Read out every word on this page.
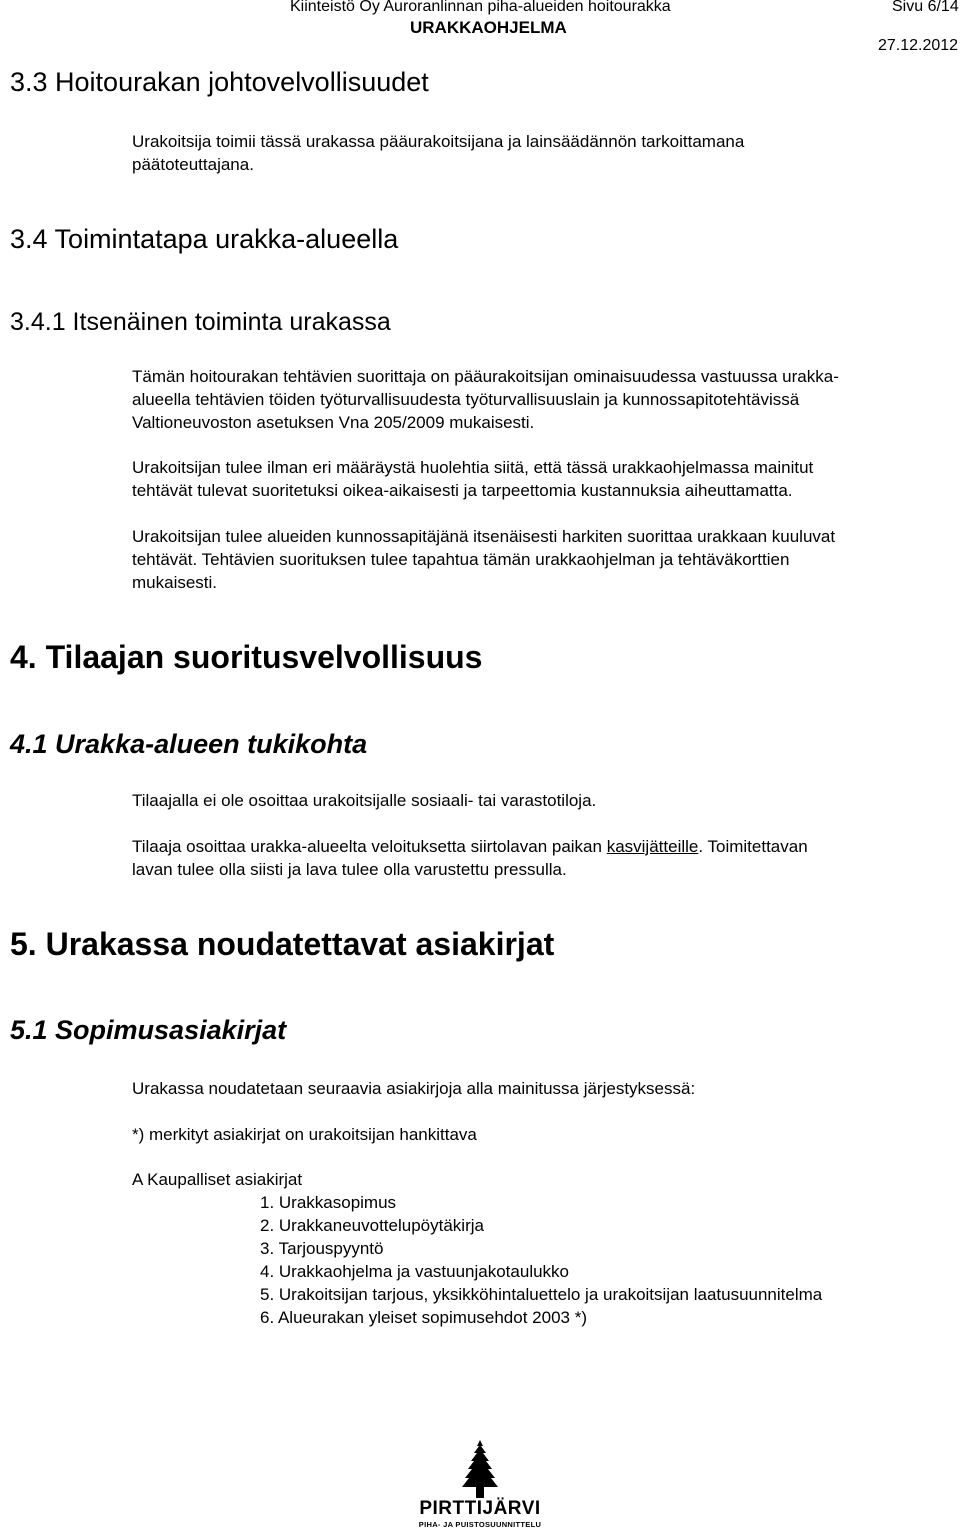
Kiinteistö Oy Auroranlinnan piha-alueiden hoitourakka	Sivu 6/14
URAKKAOHJELMA
27.12.2012
3.3 Hoitourakan johtovelvollisuudet
Urakoitsija toimii tässä urakassa pääurakoitsijana ja lainsäädännön tarkoittamana
päätoteuttajana.
3.4 Toimintatapa urakka-alueella
3.4.1 Itsenäinen toiminta urakassa
Tämän hoitourakan tehtävien suorittaja on pääurakoitsijan ominaisuudessa vastuussa urakka-
alueella tehtävien töiden työturvallisuudesta työturvallisuuslain ja kunnossapitotehtävissä
Valtioneuvoston asetuksen Vna 205/2009 mukaisesti.
Urakoitsijan tulee ilman eri määräystä huolehtia siitä, että tässä urakkaohjelmassa mainitut
tehtävät tulevat suoritetuksi oikea-aikaisesti ja tarpeettomia kustannuksia aiheuttamatta.
Urakoitsijan tulee alueiden kunnossapitäjänä itsenäisesti harkiten suorittaa urakkaan kuuluvat
tehtävät. Tehtävien suorituksen tulee tapahtua tämän urakkaohjelman ja tehtäväkorttien
mukaisesti.
4. Tilaajan suoritusvelvollisuus
4.1 Urakka-alueen tukikohta
Tilaajalla ei ole osoittaa urakoitsijalle sosiaali- tai varastotiloja.
Tilaaja osoittaa urakka-alueelta veloituksetta siirtolavan paikan kasvijätteille. Toimitettavan
lavan tulee olla siisti ja lava tulee olla varustettu pressulla.
5. Urakassa noudatettavat asiakirjat
5.1 Sopimusasiakirjat
Urakassa noudatetaan seuraavia asiakirjoja alla mainitussa järjestyksessä:
*) merkityt asiakirjat on urakoitsijan hankittava
A Kaupalliset asiakirjat
1. Urakkasopimus
2. Urakkaneuvottelupöytäkirja
3. Tarjouspyyntö
4. Urakkaohjelma ja vastuunjakotaulukko
5. Urakoitsijan tarjous, yksikköhintaluettelo ja urakoitsijan laatusuunnitelma
6. Alueurakan yleiset sopimusehdot 2003 *)
PIRTTIJÄRVI
PIHA- JA PUISTOSUUNNITTELU
